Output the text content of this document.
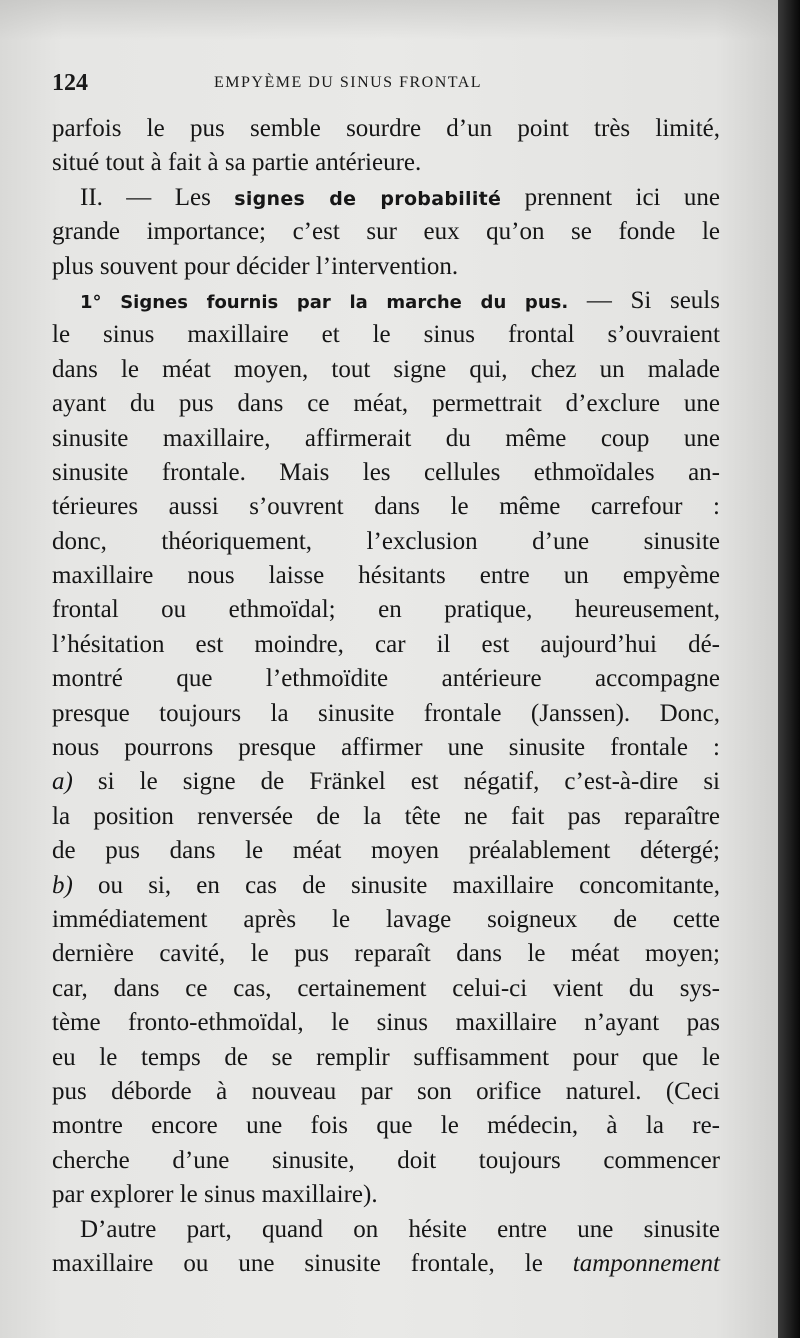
124	EMPYÈME DU SINUS FRONTAL
parfois le pus semble sourdre d’un point très limité,
situé tout à fait à sa partie antérieure.
II. — Les signes de probabilité prennent ici une
grande importance; c’est sur eux qu’on se fonde le
plus souvent pour décider l’intervention.
1° Signes fournis par la marche du pus. — Si seuls
le sinus maxillaire et le sinus frontal s’ouvraient
dans le méat moyen, tout signe qui, chez un malade
ayant du pus dans ce méat, permettrait d’exclure une
sinusite maxillaire, affirmerait du même coup une
sinusite frontale. Mais les cellules ethmoïdales an-
térieures aussi s’ouvrent dans le même carrefour :
donc, théoriquement, l’exclusion d’une sinusite
maxillaire nous laisse hésitants entre un empyème
frontal ou ethmoïdal; en pratique, heureusement,
l’hésitation est moindre, car il est aujourd’hui dé-
montré que l’ethmoïdite antérieure accompagne
presque toujours la sinusite frontale (Janssen). Donc,
nous pourrons presque affirmer une sinusite frontale :
a) si le signe de Fränkel est négatif, c’est-à-dire si
la position renversée de la tête ne fait pas reparaître
de pus dans le méat moyen préalablement détergé;
b) ou si, en cas de sinusite maxillaire concomitante,
immédiatement après le lavage soigneux de cette
dernière cavité, le pus reparaît dans le méat moyen;
car, dans ce cas, certainement celui-ci vient du sys-
tème fronto-ethmoïdal, le sinus maxillaire n’ayant pas
eu le temps de se remplir suffisamment pour que le
pus déborde à nouveau par son orifice naturel. (Ceci
montre encore une fois que le médecin, à la re-
cherche d’une sinusite, doit toujours commencer
par explorer le sinus maxillaire).
D’autre part, quand on hésite entre une sinusite
maxillaire ou une sinusite frontale, le tamponnement
